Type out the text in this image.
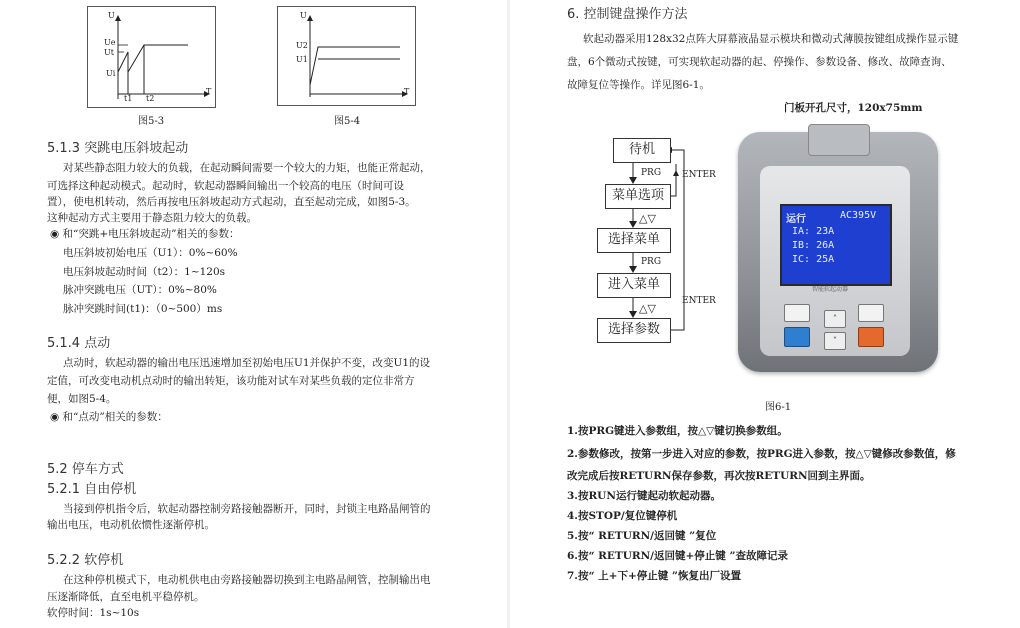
U
T
Ue
Ut
Ui
t1 t2
图5-3
U
T
U2
U1
图5-4
5.1.3 突跳电压斜坡起动
对某些静态阻力较大的负载，在起动瞬间需要一个较大的力矩，也能正常起动，
可选择这种起动模式。起动时，软起动器瞬间输出一个较高的电压（时间可设
置），使电机转动，然后再按电压斜坡起动方式起动，直至起动完成，如图5-3。
这种起动方式主要用于静态阻力较大的负载。
◉ 和“突跳+电压斜坡起动”相关的参数：
电压斜坡初始电压（U1）：0%~60%
电压斜坡起动时间（t2）：1~120s
脉冲突跳电压（UT）：0%~80%
脉冲突跳时间(t1)：（0~500）ms
5.1.4 点动
点动时，软起动器的输出电压迅速增加至初始电压U1并保护不变，改变U1的设
定值，可改变电动机点动时的输出转矩，该功能对试车对某些负载的定位非常方
便，如图5-4。
◉ 和“点动”相关的参数：
5.2 停车方式
5.2.1 自由停机
当接到停机指令后，软起动器控制旁路接触器断开，同时，封锁主电路晶闸管的
输出电压，电动机依惯性逐渐停机。
5.2.2 软停机
在这种停机模式下，电动机供电由旁路接触器切换到主电路晶闸管，控制输出电
压逐渐降低，直至电机平稳停机。
软停时间：1s~10s
6. 控制键盘操作方法
软起动器采用128x32点阵大屏幕液晶显示模块和微动式薄膜按键组成操作显示键
盘，6个微动式按键，可实现软起动器的起、停操作、参数设备、修改、故障查询、
故障复位等操作。详见图6-1。
门板开孔尺寸，120x75mm
待机
菜单选项
选择菜单
进入菜单
选择参数
PRG
△▽
PRG
△▽
ENTER
ENTER
运行	AC395V
IA: 23A
IB: 26A
IC: 25A
智能软起动器
˄
˅
图6-1
1.按PRG键进入参数组，按△▽键切换参数组。
2.参数修改，按第一步进入对应的参数，按PRG进入参数，按△▽键修改参数值，修
改完成后按RETURN保存参数，再次按RETURN回到主界面。
3.按RUN运行键起动软起动器。
4.按STOP/复位键停机
5.按“ RETURN/返回键 ”复位
6.按“ RETURN/返回键+停止键 ”查故障记录
7.按“ 上+下+停止键 ”恢复出厂设置
